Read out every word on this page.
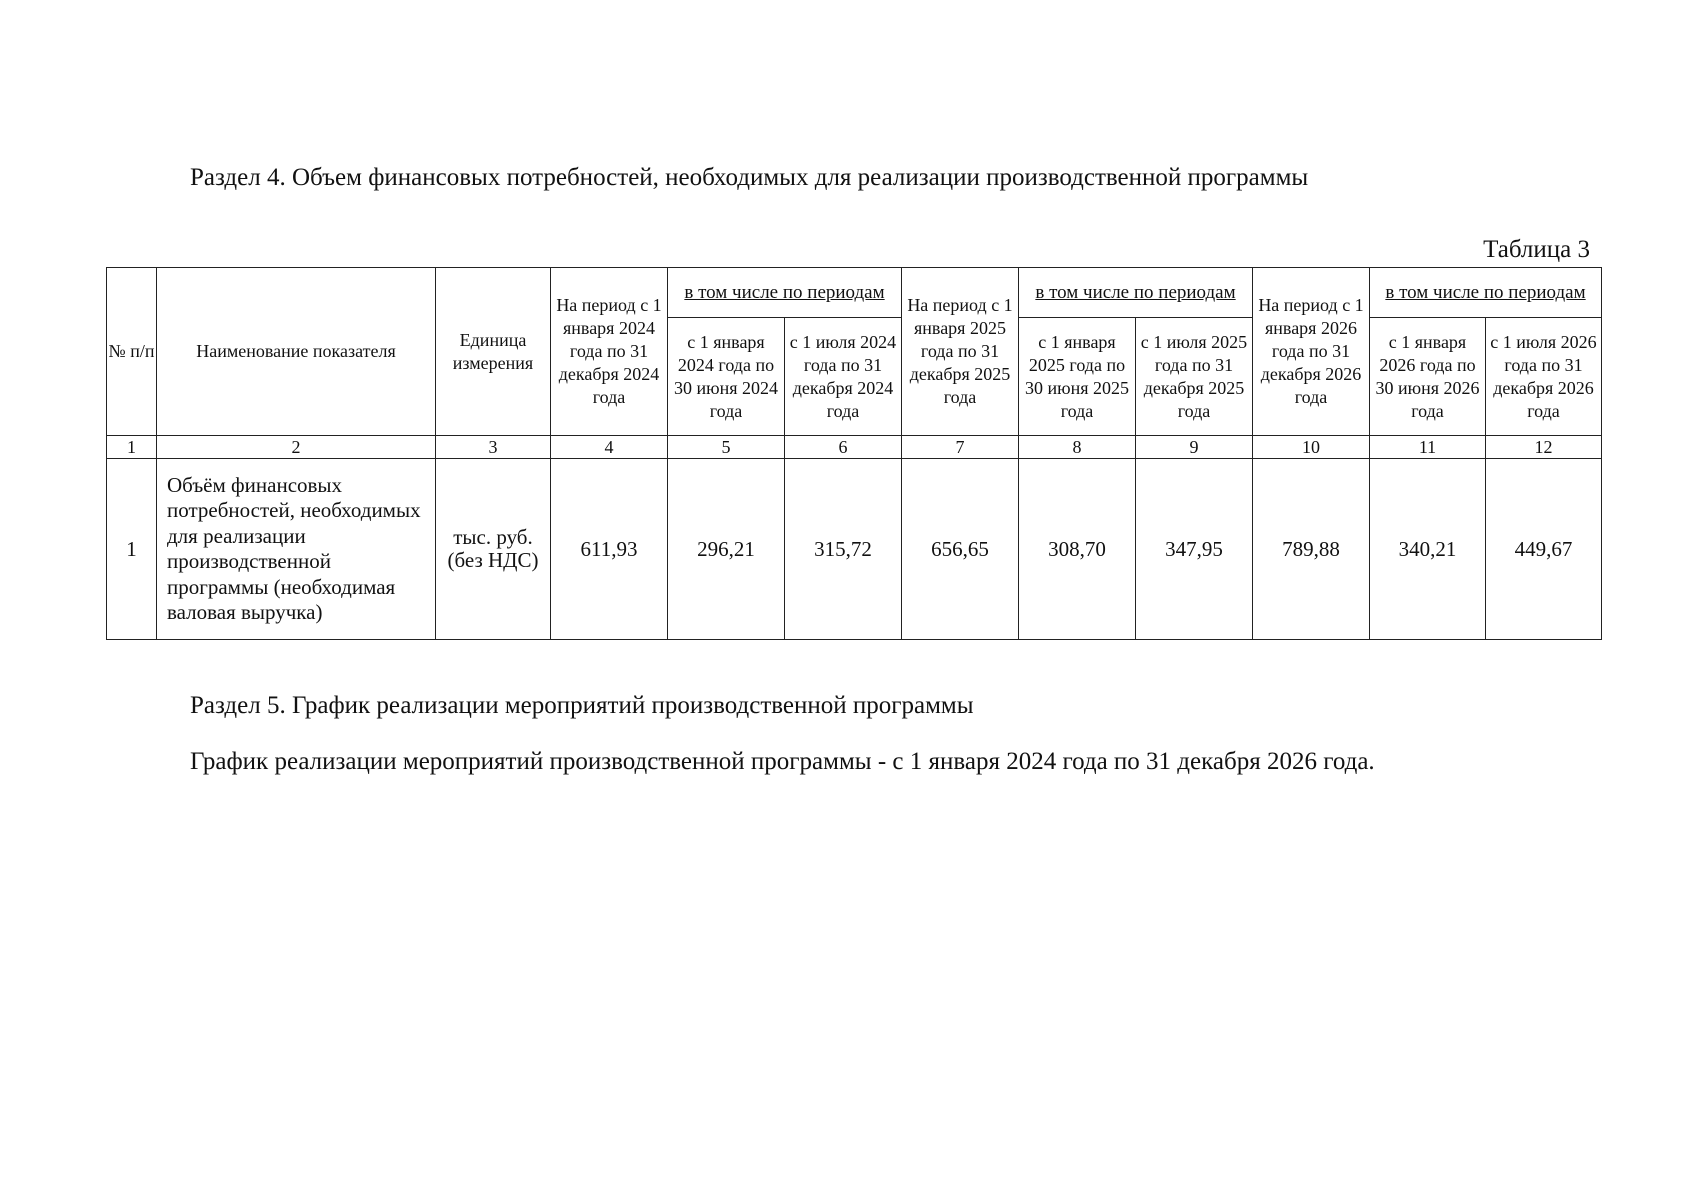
Раздел 4. Объем финансовых потребностей, необходимых для реализации производственной программы
Таблица 3
№ п/п	Наименование показателя	Единица измерения	На период с 1 января 2024 года по 31 декабря 2024 года	в том числе по периодам		На период с 1 января 2025 года по 31 декабря 2025 года	в том числе по периодам		На период с 1 января 2026 года по 31 декабря 2026 года	в том числе по периодам	
				с 1 января 2024 года по 30 июня 2024 года	с 1 июля 2024 года по 31 декабря 2024 года		с 1 января 2025 года по 30 июня 2025 года	с 1 июля 2025 года по 31 декабря 2025 года		с 1 января 2026 года по 30 июня 2026 года	с 1 июля 2026 года по 31 декабря 2026 года
1	2	3	4	5	6	7	8	9	10	11	12
1	Объём финансовых потребностей, необходимых для реализации производственной программы (необходимая валовая выручка)	тыс. руб. (без НДС)	611,93	296,21	315,72	656,65	308,70	347,95	789,88	340,21	449,67
Раздел 5. График реализации мероприятий производственной программы
График реализации мероприятий производственной программы - с 1 января 2024 года по 31 декабря 2026 года.
